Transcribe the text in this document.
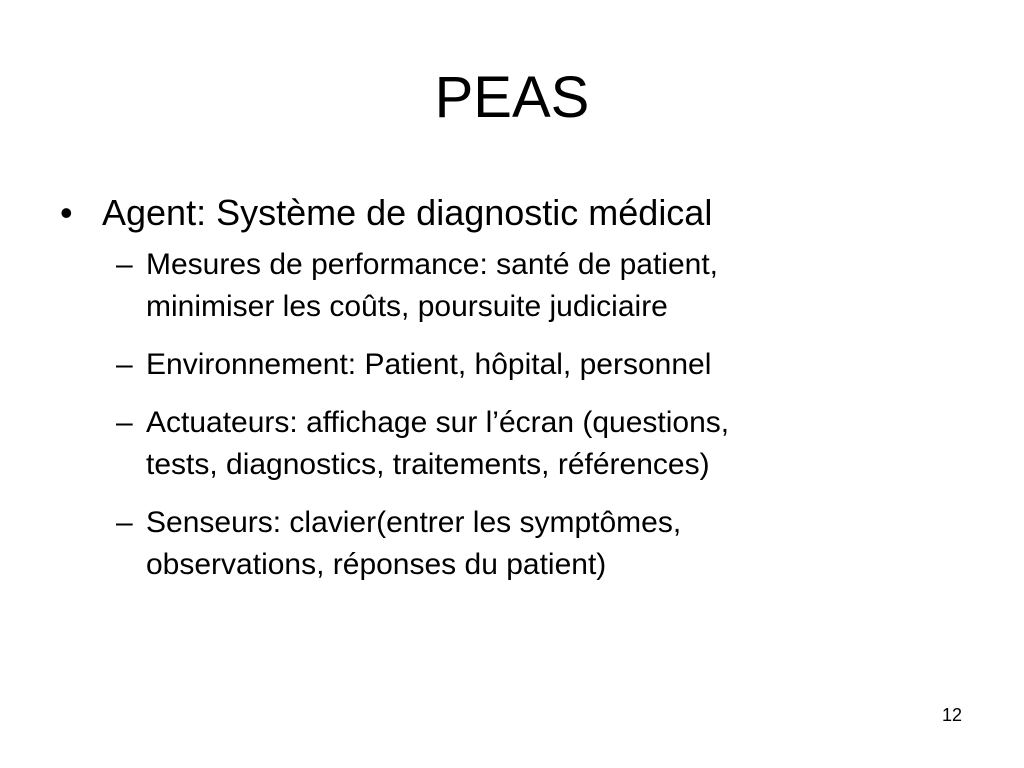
PEAS
• Agent: Système de diagnostic médical
– Mesures de performance: santé de patient,
minimiser les coûts, poursuite judiciaire
– Environnement: Patient, hôpital, personnel
– Actuateurs: affichage sur l’écran (questions,
tests, diagnostics, traitements, références)
– Senseurs: clavier(entrer les symptômes,
observations, réponses du patient)
12
